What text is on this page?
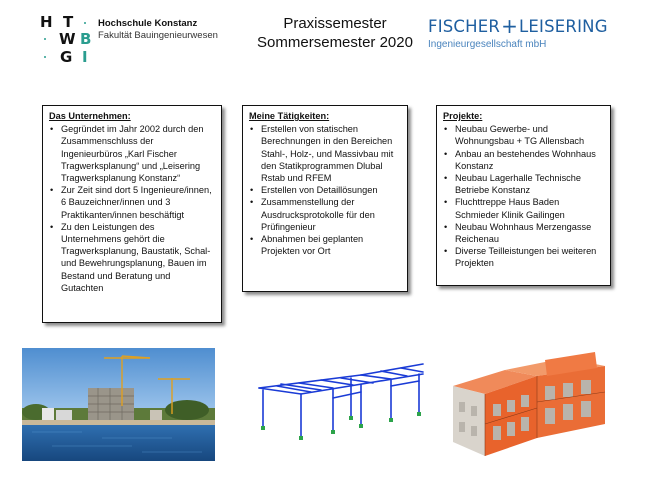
H T
W B
G I
Hochschule Konstanz
Fakultät Bauingenieurwesen
Praxissemester
Sommersemester 2020
FISCHER+LEISERING
Ingenieurgesellschaft mbH
Das Unternehmen:
• Gegründet im Jahr 2002 durch den Zusammenschluss der Ingenieurbüros „Karl Fischer Tragwerksplanung“ und „Leisering Tragwerksplanung Konstanz“
• Zur Zeit sind dort 5 Ingenieure/innen, 6 Bauzeichner/innen und 3 Praktikanten/innen beschäftigt
• Zu den Leistungen des Unternehmens gehört die Tragwerksplanung, Baustatik, Schal- und Bewehrungsplanung, Bauen im Bestand und Beratung und Gutachten
Meine Tätigkeiten:
• Erstellen von statischen Berechnungen in den Bereichen Stahl-, Holz-, und Massivbau mit den Statikprogrammen Dlubal Rstab und RFEM
• Erstellen von Detaillösungen
• Zusammenstellung der Ausdrucksprotokolle für den Prüfingenieur
• Abnahmen bei geplanten Projekten vor Ort
Projekte:
• Neubau Gewerbe- und Wohnungsbau + TG Allensbach
• Anbau an bestehendes Wohnhaus Konstanz
• Neubau Lagerhalle Technische Betriebe Konstanz
• Fluchttreppe Haus Baden Schmieder Klinik Gailingen
• Neubau Wohnhaus Merzengasse Reichenau
• Diverse Teilleistungen bei weiteren Projekten
